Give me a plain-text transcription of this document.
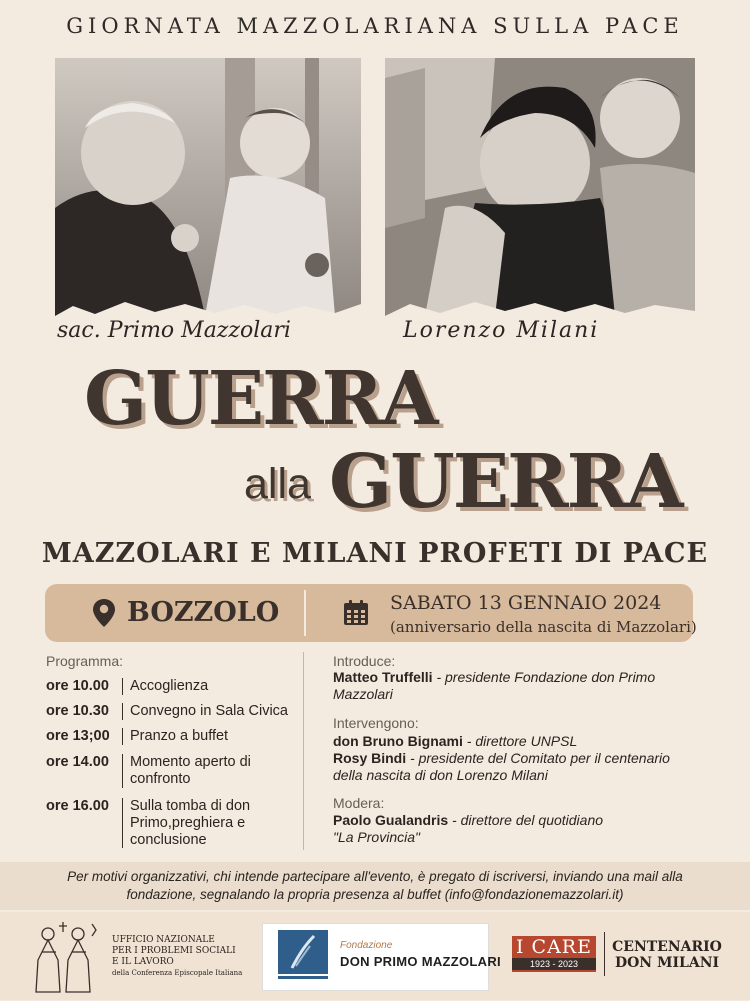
GIORNATA MAZZOLARIANA SULLA PACE
sac. Primo Mazzolari	Lorenzo Milani
GUERRA
alla GUERRA
MAZZOLARI E MILANI PROFETI DI PACE
BOZZOLO	SABATO 13 GENNAIO 2024
(anniversario della nascita di Mazzolari)
Programma:
ore 10.00	Accoglienza
ore 10.30	Convegno in Sala Civica
ore 13;00	Pranzo a buffet
ore 14.00	Momento aperto di confronto
ore 16.00	Sulla tomba di don Primo,preghiera e conclusione
Introduce:
Matteo Truffelli - presidente Fondazione don Primo Mazzolari
Intervengono:
don Bruno Bignami - direttore UNPSL
Rosy Bindi - presidente del Comitato per il centenario della nascita di don Lorenzo Milani
Modera:
Paolo Gualandris - direttore del quotidiano
"La Provincia"
Per motivi organizzativi, chi intende partecipare all'evento, è pregato di iscriversi, inviando una mail alla fondazione, segnalando la propria presenza al buffet (info@fondazionemazzolari.it)
UFFICIO NAZIONALE
PER I PROBLEMI SOCIALI
E IL LAVORO
della Conferenza Episcopale Italiana
Fondazione
DON PRIMO MAZZOLARI
I CARE
1923 - 2023
CENTENARIO
DON MILANI
